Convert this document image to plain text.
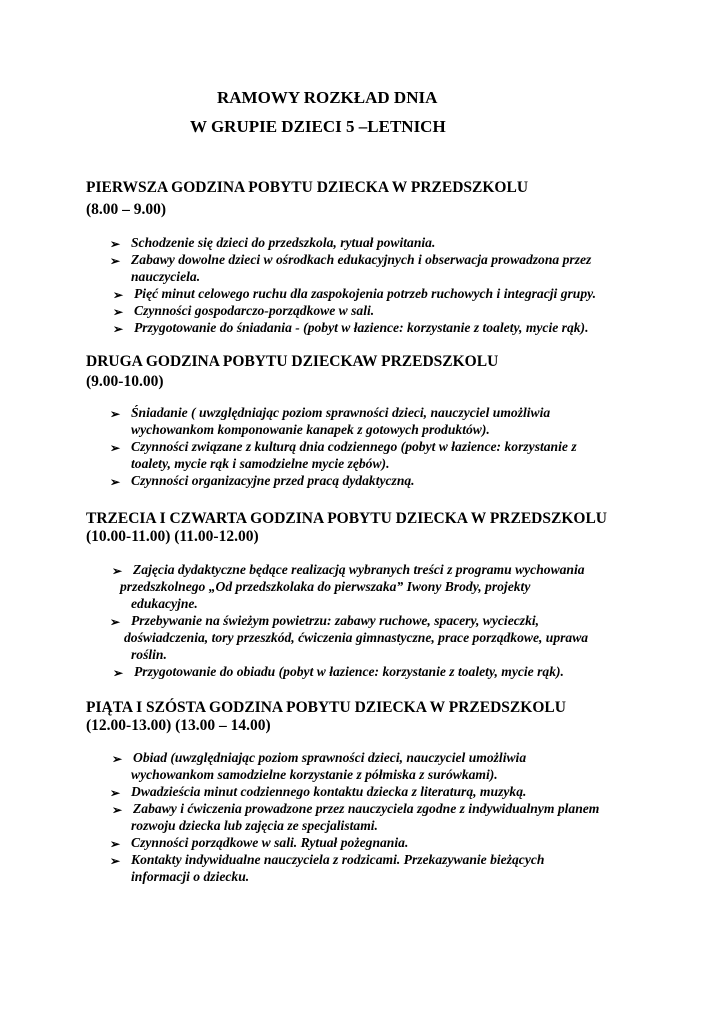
RAMOWY ROZKŁAD DNIA
W GRUPIE DZIECI 5 –LETNICH
PIERWSZA GODZINA POBYTU DZIECKA W PRZEDSZKOLU
(8.00 – 9.00)
DRUGA GODZINA POBYTU DZIECKAW PRZEDSZKOLU
(9.00-10.00)
TRZECIA I CZWARTA GODZINA POBYTU DZIECKA W PRZEDSZKOLU
(10.00-11.00) (11.00-12.00)
PIĄTA I SZÓSTA GODZINA POBYTU DZIECKA W PRZEDSZKOLU
(12.00-13.00) (13.00 – 14.00)
➢ Schodzenie się dzieci do przedszkola, rytuał powitania.
➢ Zabawy dowolne dzieci w ośrodkach edukacyjnych i obserwacja prowadzona przez
nauczyciela.
➢ Pięć minut celowego ruchu dla zaspokojenia potrzeb ruchowych i integracji grupy.
➢ Czynności gospodarczo-porządkowe w sali.
➢ Przygotowanie do śniadania - (pobyt w łazience: korzystanie z toalety, mycie rąk).
➢ Śniadanie ( uwzględniając poziom sprawności dzieci, nauczyciel umożliwia
wychowankom komponowanie kanapek z gotowych produktów).
➢ Czynności związane z kulturą dnia codziennego (pobyt w łazience: korzystanie z
toalety, mycie rąk i samodzielne mycie zębów).
➢ Czynności organizacyjne przed pracą dydaktyczną.
➢ Zajęcia dydaktyczne będące realizacją wybranych treści z programu wychowania
przedszkolnego „Od przedszkolaka do pierwszaka” Iwony Brody, projekty
edukacyjne.
➢ Przebywanie na świeżym powietrzu: zabawy ruchowe, spacery, wycieczki,
doświadczenia, tory przeszkód, ćwiczenia gimnastyczne, prace porządkowe, uprawa
roślin.
➢ Przygotowanie do obiadu (pobyt w łazience: korzystanie z toalety, mycie rąk).
➢ Obiad (uwzględniając poziom sprawności dzieci, nauczyciel umożliwia
wychowankom samodzielne korzystanie z półmiska z surówkami).
➢ Dwadzieścia minut codziennego kontaktu dziecka z literaturą, muzyką.
➢ Zabawy i ćwiczenia prowadzone przez nauczyciela zgodne z indywidualnym planem
rozwoju dziecka lub zajęcia ze specjalistami.
➢ Czynności porządkowe w sali. Rytuał pożegnania.
➢ Kontakty indywidualne nauczyciela z rodzicami. Przekazywanie bieżących
informacji o dziecku.
